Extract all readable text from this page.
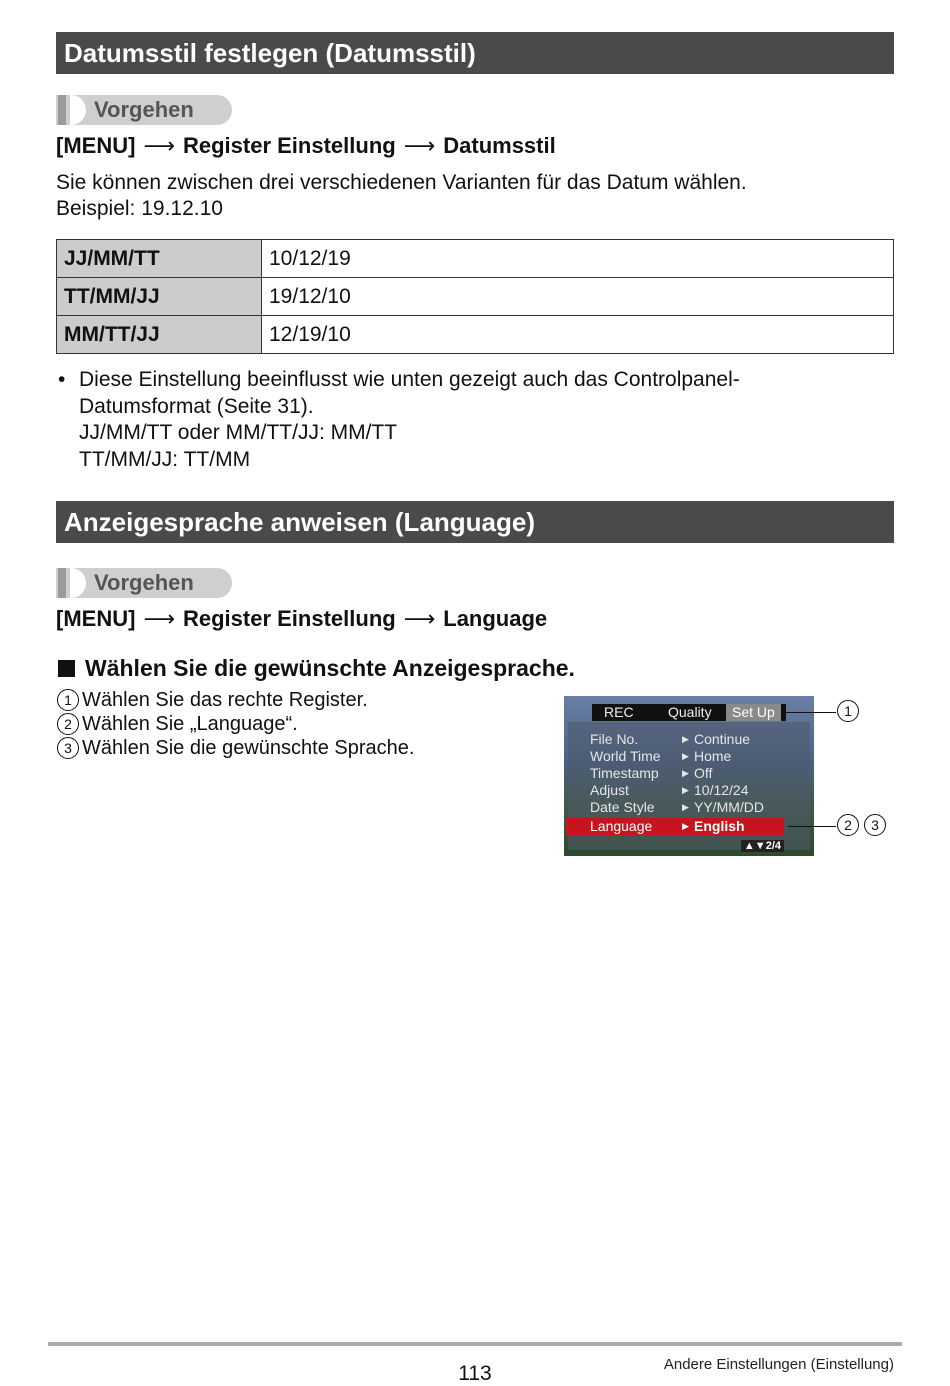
Datumsstil festlegen (Datumsstil)
Vorgehen
[MENU] ⟶ Register Einstellung ⟶ Datumsstil
Sie können zwischen drei verschiedenen Varianten für das Datum wählen.
Beispiel: 19.12.10
JJ/MM/TT	10/12/19
TT/MM/JJ	19/12/10
MM/TT/JJ	12/19/10
• Diese Einstellung beeinflusst wie unten gezeigt auch das Controlpanel-
Datumsformat (Seite 31).
JJ/MM/TT oder MM/TT/JJ: MM/TT
TT/MM/JJ: TT/MM
Anzeigesprache anweisen (Language)
Vorgehen
[MENU] ⟶ Register Einstellung ⟶ Language
Wählen Sie die gewünschte Anzeigesprache.
1 Wählen Sie das rechte Register.
2 Wählen Sie „Language“.
3 Wählen Sie die gewünschte Sprache.
REC Quality	Set Up
File No.	▶ Continue
World Time ▶ Home
Timestamp	▶ Off
Adjust	▶ 10/12/24
Date Style	▶ YY/MM/DD
Language	▶ English
▲▼2/4
1
2	3
113	Andere Einstellungen (Einstellung)
